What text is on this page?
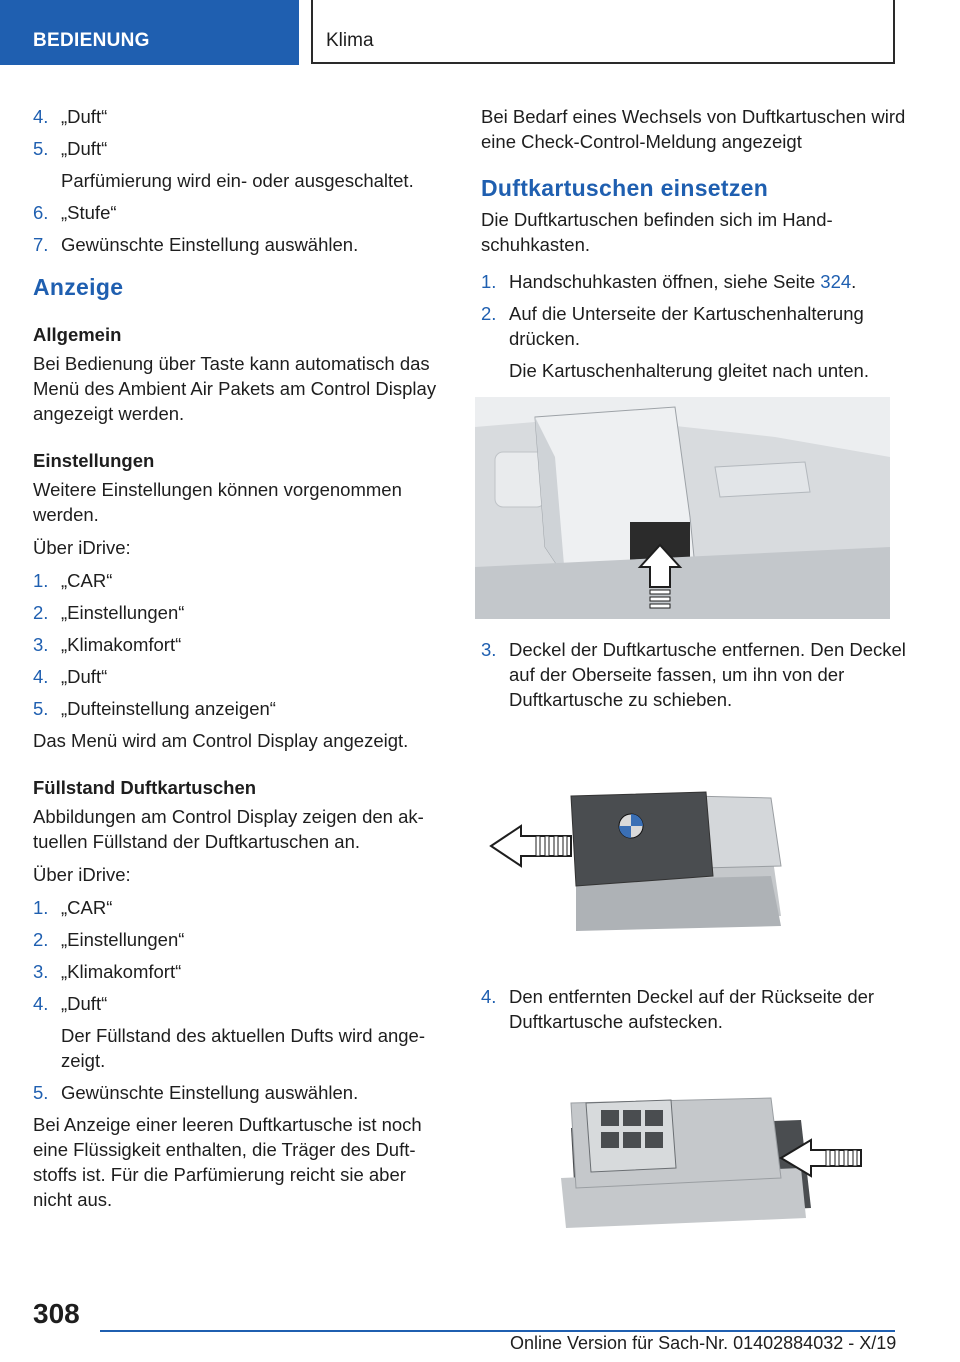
BEDIENUNG	Klima
4. „Duft“
5. „Duft“
Parfümierung wird ein- oder ausgeschaltet.
6. „Stufe“
7. Gewünschte Einstellung auswählen.
Anzeige
Allgemein

Bei Bedienung über Taste kann automatisch das Menü des Ambient Air Pakets am Control Display angezeigt werden.

Einstellungen

Weitere Einstellungen können vorgenommen werden.

Über iDrive:

1. „CAR“
2. „Einstellungen“
3. „Klimakomfort“
4. „Duft“
5. „Dufteinstellung anzeigen“

Das Menü wird am Control Display angezeigt.

Füllstand Duftkartuschen

Abbildungen am Control Display zeigen den aktuellen Füllstand der Duftkartuschen an.

Über iDrive:

1. „CAR“
2. „Einstellungen“
3. „Klimakomfort“
4. „Duft“
Der Füllstand des aktuellen Dufts wird angezeigt.
5. Gewünschte Einstellung auswählen.

Bei Anzeige einer leeren Duftkartusche ist noch eine Flüssigkeit enthalten, die Träger des Duftstoffs ist. Für die Parfümierung reicht sie aber nicht aus.

Bei Bedarf eines Wechsels von Duftkartuschen wird eine Check-Control-Meldung angezeigt

Duftkartuschen einsetzen

Die Duftkartuschen befinden sich im Handschuhkasten.

1. Handschuhkasten öffnen, siehe Seite 324.
2. Auf die Unterseite der Kartuschenhalterung drücken.
Die Kartuschenhalterung gleitet nach unten.
3. Deckel der Duftkartusche entfernen. Den Deckel auf der Oberseite fassen, um ihn von der Duftkartusche zu schieben.
4. Den entfernten Deckel auf der Rückseite der Duftkartusche aufstecken.
308
Online Version für Sach-Nr. 01402884032 - X/19
